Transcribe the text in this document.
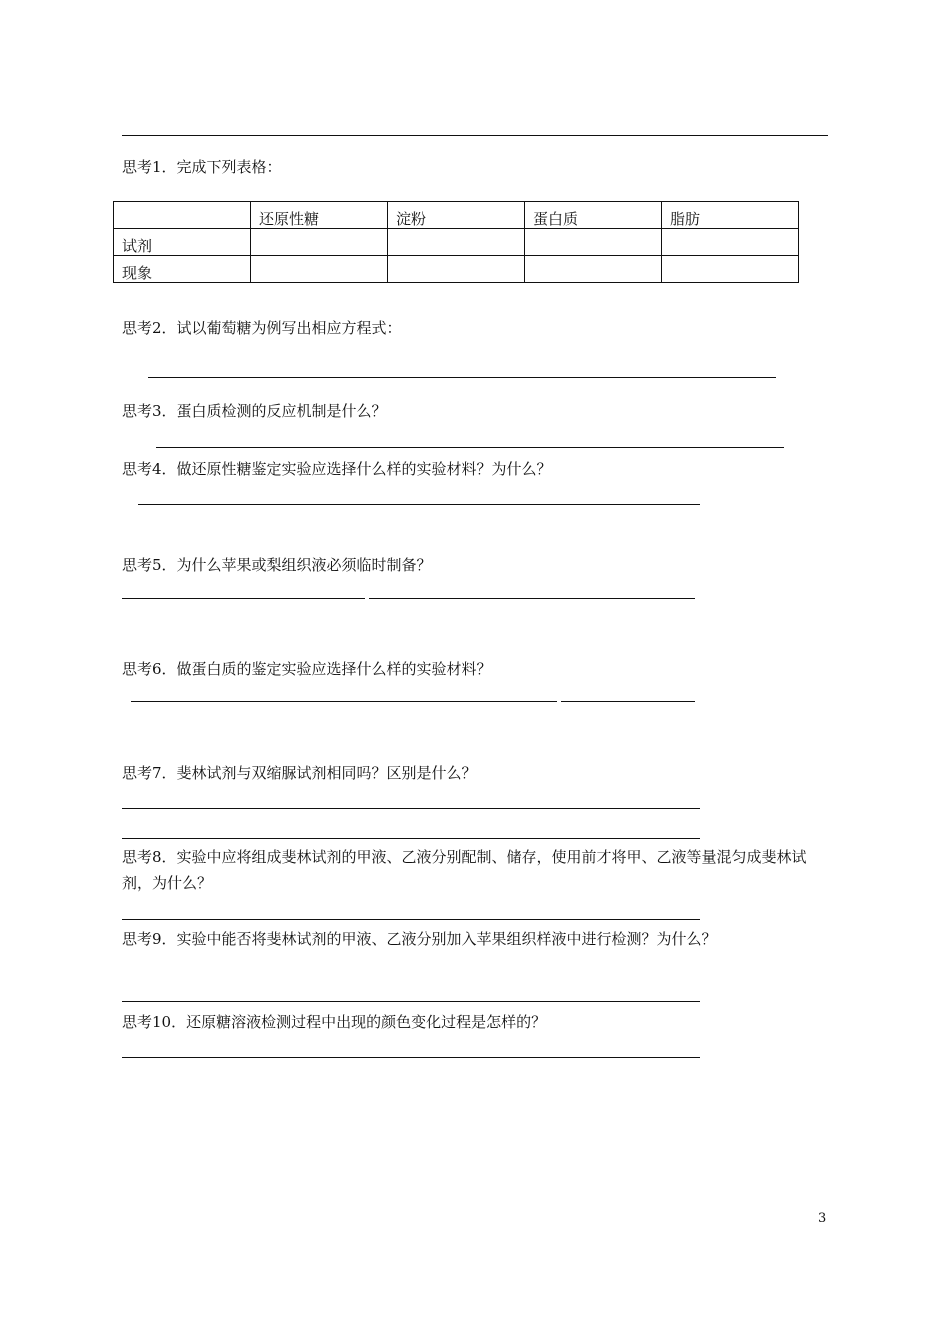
思考1．完成下列表格：
	还原性糖	淀粉	蛋白质	脂肪
试剂				
现象				
思考2．试以葡萄糖为例写出相应方程式：
思考3．蛋白质检测的反应机制是什么？
思考4．做还原性糖鉴定实验应选择什么样的实验材料？为什么？
思考5．为什么苹果或梨组织液必须临时制备？
思考6．做蛋白质的鉴定实验应选择什么样的实验材料？
思考7．斐林试剂与双缩脲试剂相同吗？区别是什么？
思考8．实验中应将组成斐林试剂的甲液、乙液分别配制、储存，使用前才将甲、乙液等量混匀成斐林试剂，为什么？
思考9．实验中能否将斐林试剂的甲液、乙液分别加入苹果组织样液中进行检测？为什么？
思考10．还原糖溶液检测过程中出现的颜色变化过程是怎样的？
3
